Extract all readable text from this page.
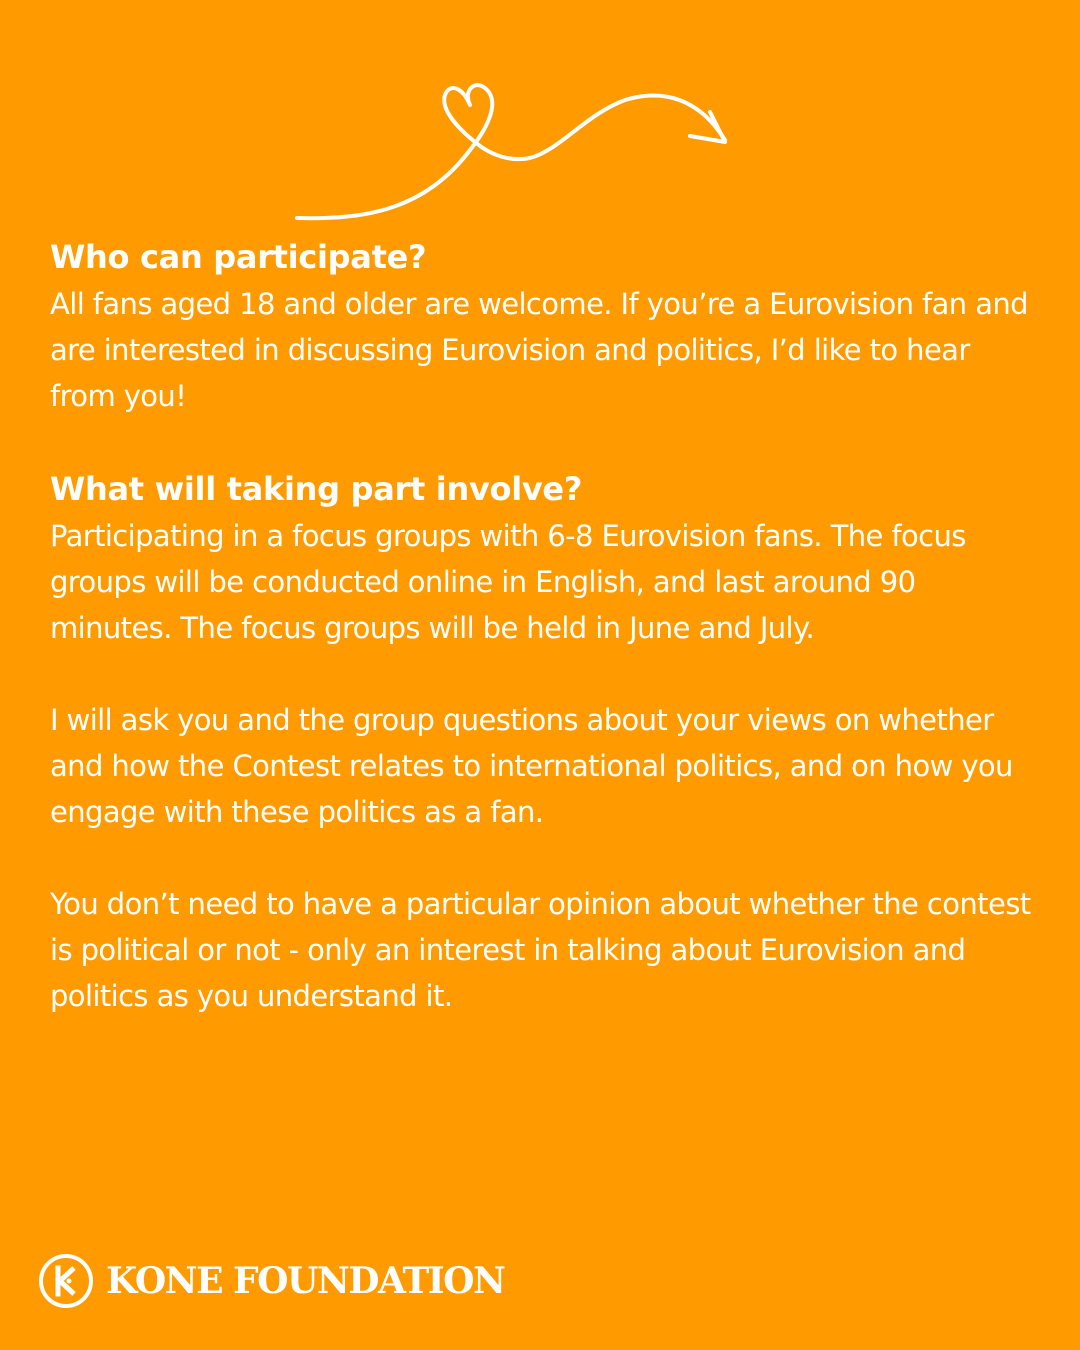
Who can participate?

All fans aged 18 and older are welcome. If you’re a Eurovision fan and are interested in discussing Eurovision and politics, I’d like to hear from you!

What will taking part involve?

Participating in a focus groups with 6-8 Eurovision fans. The focus groups will be conducted online in English, and last around 90 minutes. The focus groups will be held in June and July.

I will ask you and the group questions about your views on whether and how the Contest relates to international politics, and on how you engage with these politics as a fan.

You don’t need to have a particular opinion about whether the contest is political or not - only an interest in talking about Eurovision and politics as you understand it.

KONE FOUNDATION
